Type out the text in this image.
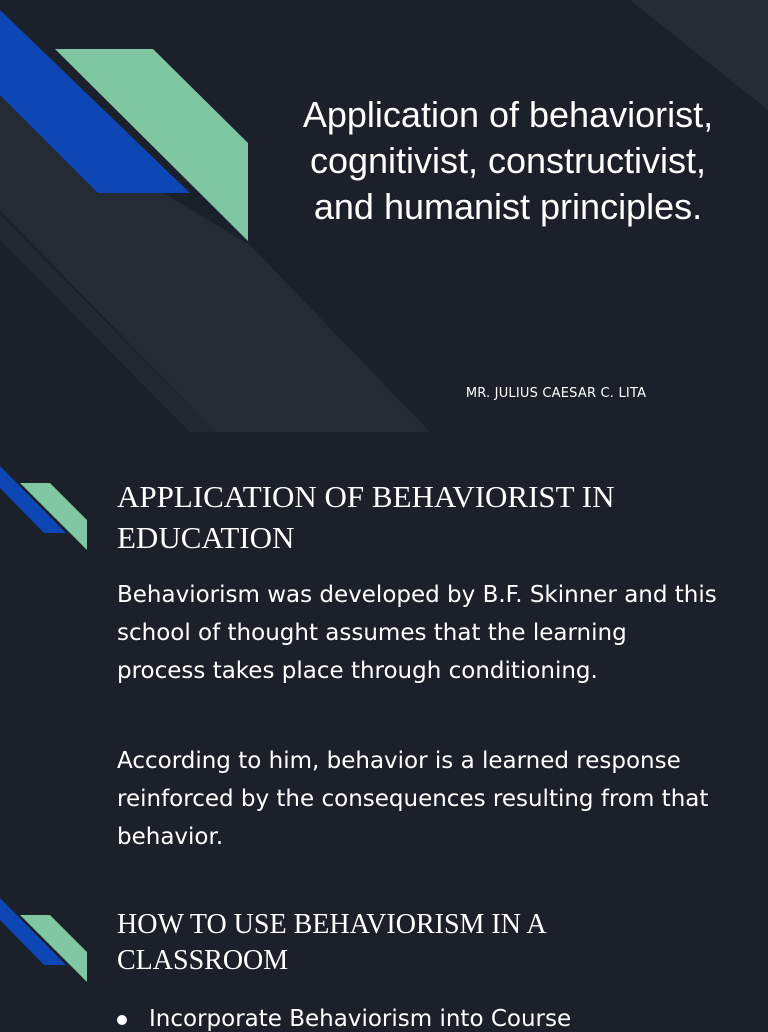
Application of behaviorist,
cognitivist, constructivist,
and humanist principles.
MR. JULIUS CAESAR C. LITA
APPLICATION OF BEHAVIORIST IN EDUCATION

Behaviorism was developed by B.F. Skinner and this school of thought assumes that the learning process takes place through conditioning.

According to him, behavior is a learned response reinforced by the consequences resulting from that behavior.

HOW TO USE BEHAVIORISM IN A CLASSROOM
Incorporate Behaviorism into Course
